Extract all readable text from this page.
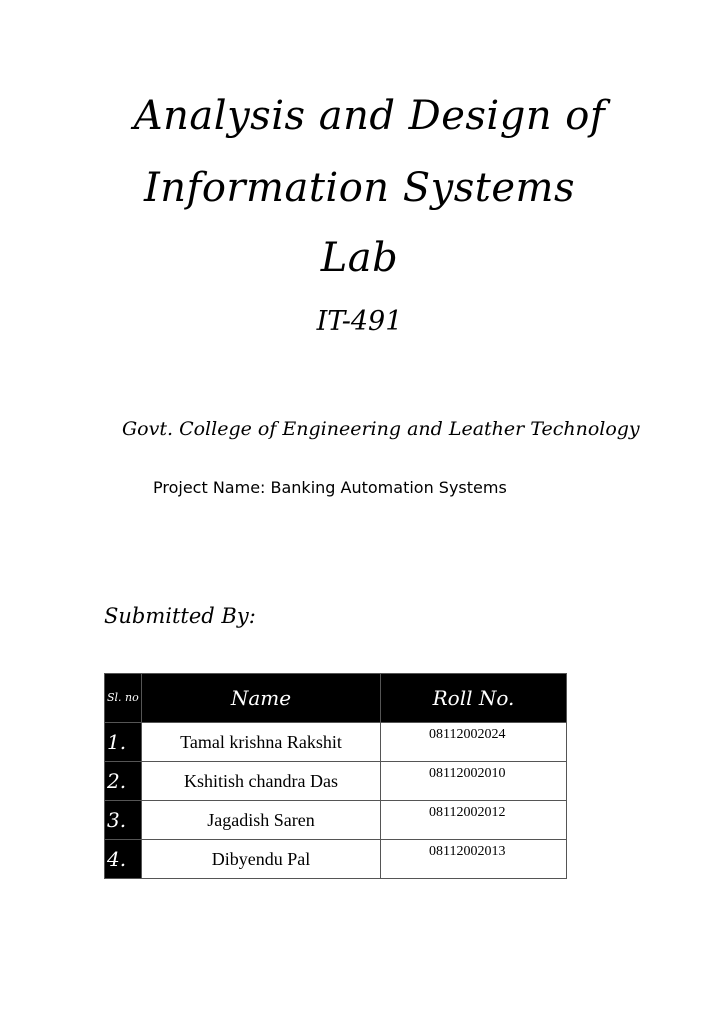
Analysis and Design of
Information Systems
Lab
IT-491
Govt. College of Engineering and Leather Technology
Project Name: Banking Automation Systems
Submitted By:
Sl. no	Name	Roll No.
1.	Tamal krishna Rakshit	08112002024
2.	Kshitish chandra Das	08112002010
3.	Jagadish Saren	08112002012
4.	Dibyendu Pal	08112002013
